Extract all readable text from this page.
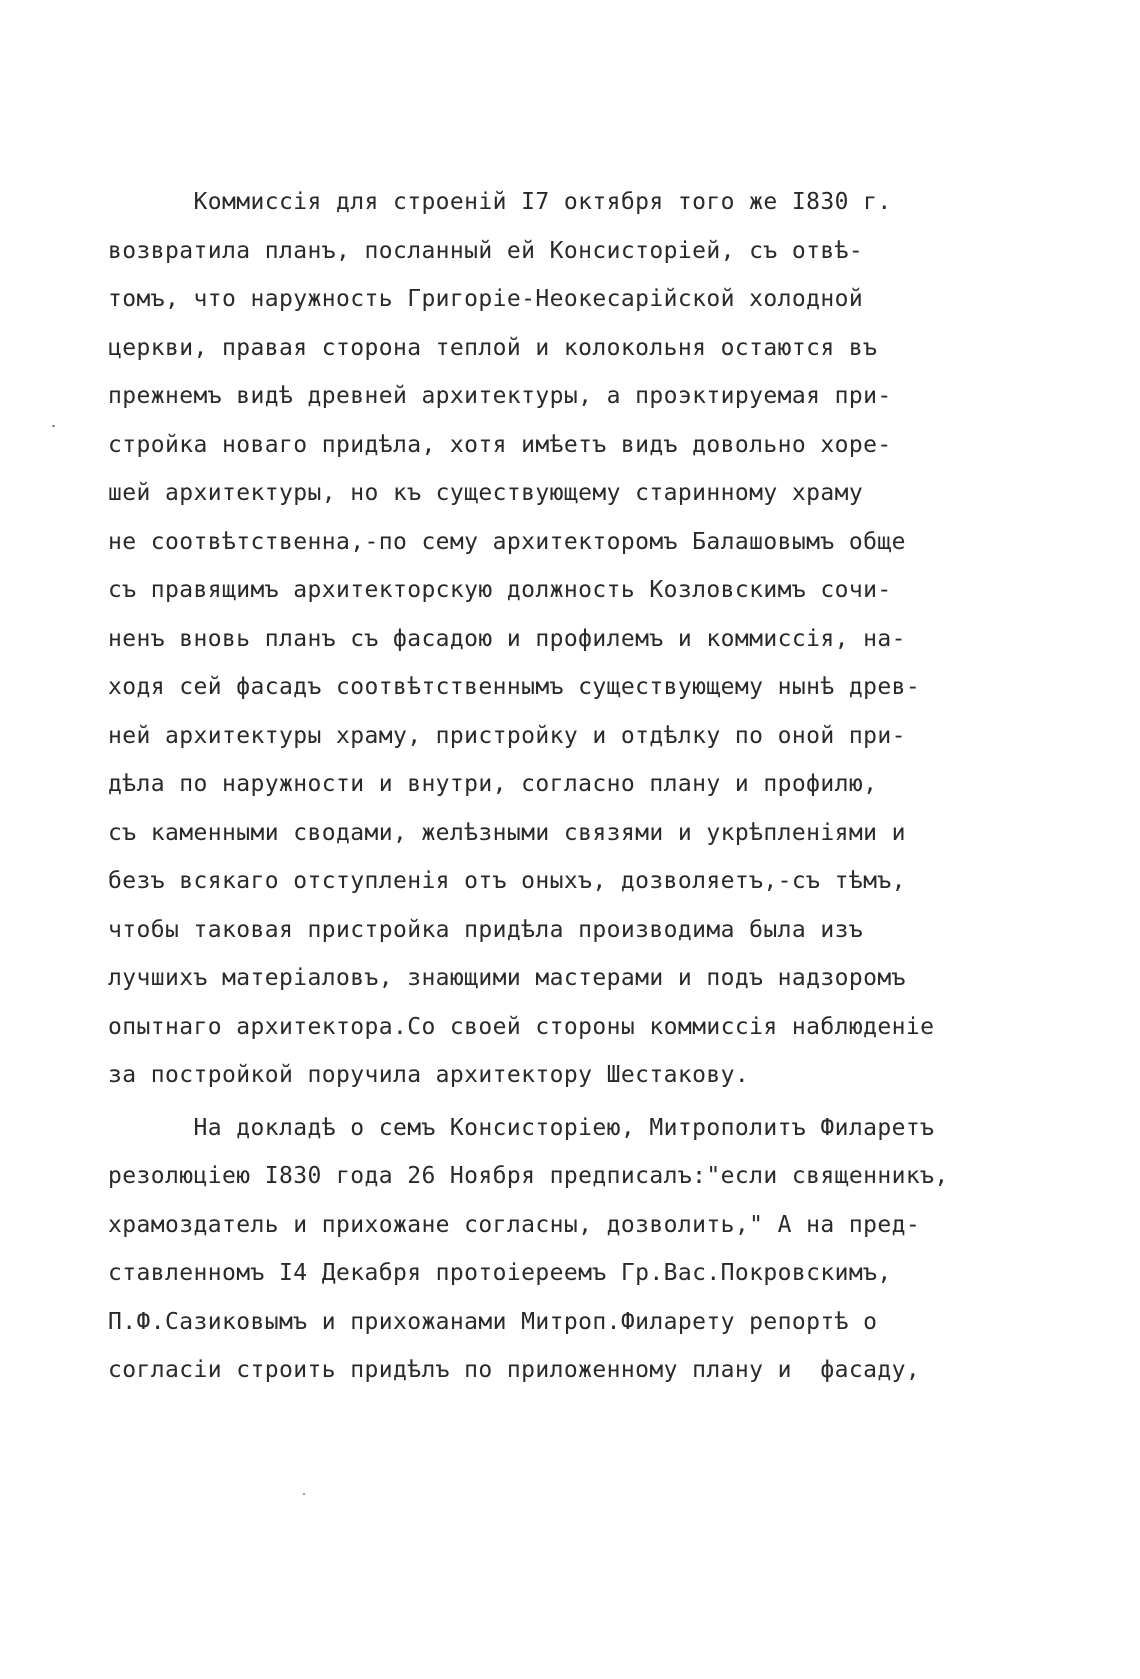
Коммиссія для строеній I7 октября того же I830 г.
возвратила планъ, посланный ей Консисторіей, съ отвѣ-
томъ, что наружность Григоріе-Неокесарійской холодной
церкви, правая сторона теплой и колокольня остаются въ
прежнемъ видѣ древней архитектуры, а проэктируемая при-
стройка новаго придѣла, хотя имѣетъ видъ довольно хоре-
шей архитектуры, но къ существующему старинному храму
не соотвѣтственна,-по сему архитекторомъ Балашовымъ обще
съ правящимъ архитекторскую должность Козловскимъ сочи-
ненъ вновь планъ съ фасадою и профилемъ и коммиссія, на-
ходя сей фасадъ соотвѣтственнымъ существующему нынѣ древ-
ней архитектуры храму, пристройку и отдѣлку по оной при-
дѣла по наружности и внутри, согласно плану и профилю,
съ каменными сводами, желѣзными связями и укрѣпленіями и
безъ всякаго отступленія отъ оныхъ, дозволяетъ,-съ тѣмъ,
чтобы таковая пристройка придѣла производима была изъ
лучшихъ матеріаловъ, знающими мастерами и подъ надзоромъ
опытнаго архитектора.Со своей стороны коммиссія наблюденіе
за постройкой поручила архитектору Шестакову.
На докладѣ о семъ Консисторіею, Митрополитъ Филаретъ
резолюціею I830 года 26 Ноября предписалъ:"если священникъ,
храмоздатель и прихожане согласны, дозволить," А на пред-
ставленномъ I4 Декабря протоіереемъ Гр.Вас.Покровскимъ,
П.Ф.Сазиковымъ и прихожанами Митроп.Филарету репортѣ о
согласіи строить придѣлъ по приложенному плану и  фасаду,
